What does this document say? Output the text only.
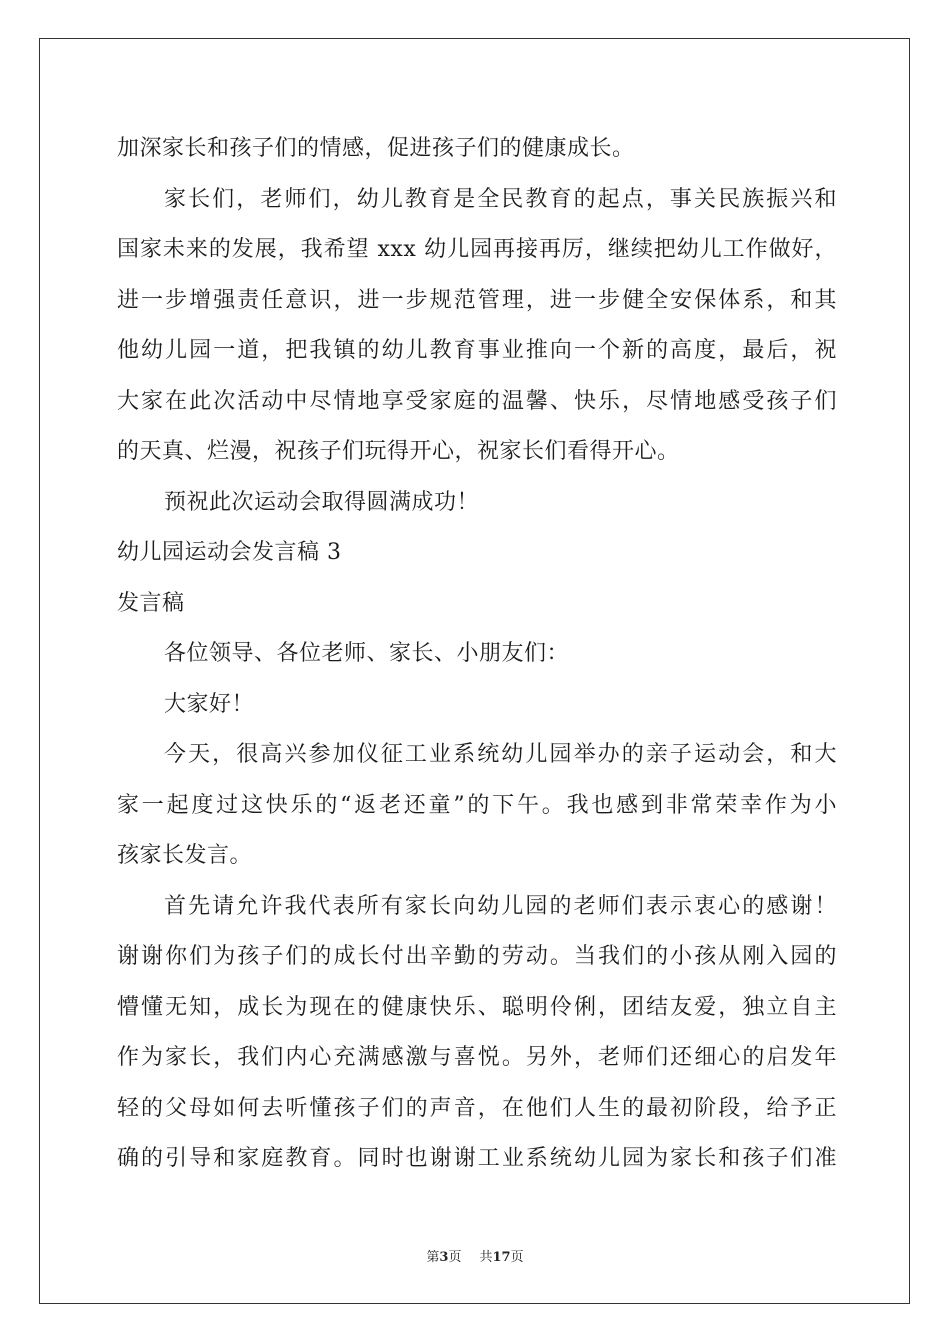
加深家长和孩子们的情感，促进孩子们的健康成长。
家长们，老师们，幼儿教育是全民教育的起点，事关民族振兴和
国家未来的发展，我希望 xxx 幼儿园再接再厉，继续把幼儿工作做好，
进一步增强责任意识，进一步规范管理，进一步健全安保体系，和其
他幼儿园一道，把我镇的幼儿教育事业推向一个新的高度，最后，祝
大家在此次活动中尽情地享受家庭的温馨、快乐，尽情地感受孩子们
的天真、烂漫，祝孩子们玩得开心，祝家长们看得开心。
预祝此次运动会取得圆满成功！
幼儿园运动会发言稿 3
发言稿
各位领导、各位老师、家长、小朋友们：
大家好！
今天，很高兴参加仪征工业系统幼儿园举办的亲子运动会，和大
家一起度过这快乐的“返老还童”的下午。我也感到非常荣幸作为小
孩家长发言。
首先请允许我代表所有家长向幼儿园的老师们表示衷心的感谢！
谢谢你们为孩子们的成长付出辛勤的劳动。当我们的小孩从刚入园的
懵懂无知，成长为现在的健康快乐、聪明伶俐，团结友爱，独立自主
作为家长，我们内心充满感激与喜悦。另外，老师们还细心的启发年
轻的父母如何去听懂孩子们的声音，在他们人生的最初阶段，给予正
确的引导和家庭教育。同时也谢谢工业系统幼儿园为家长和孩子们准
第3页 共17页
